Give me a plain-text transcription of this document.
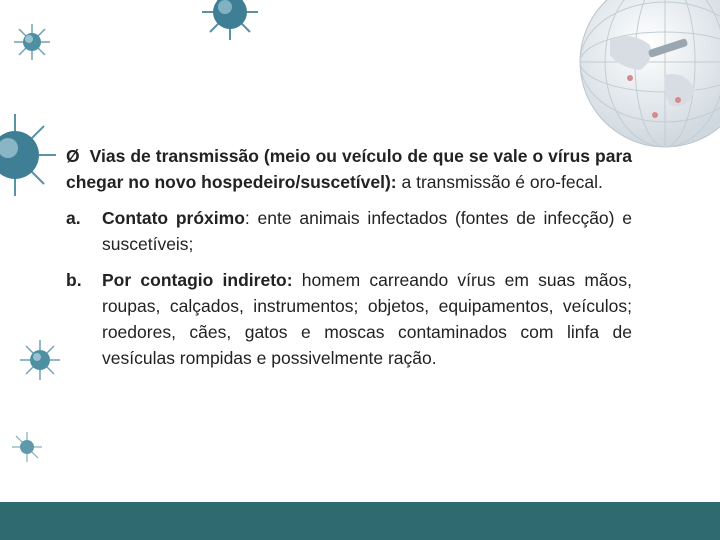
Ø Vias de transmissão (meio ou veículo de que se vale o vírus para chegar no novo hospedeiro/suscetível): a transmissão é oro-fecal.

a. Contato próximo: ente animais infectados (fontes de infecção) e suscetíveis;
b. Por contagio indireto: homem carreando vírus em suas mãos, roupas, calçados, instrumentos; objetos, equipamentos, veículos; roedores, cães, gatos e moscas contaminados com linfa de vesículas rompidas e possivelmente ração.
